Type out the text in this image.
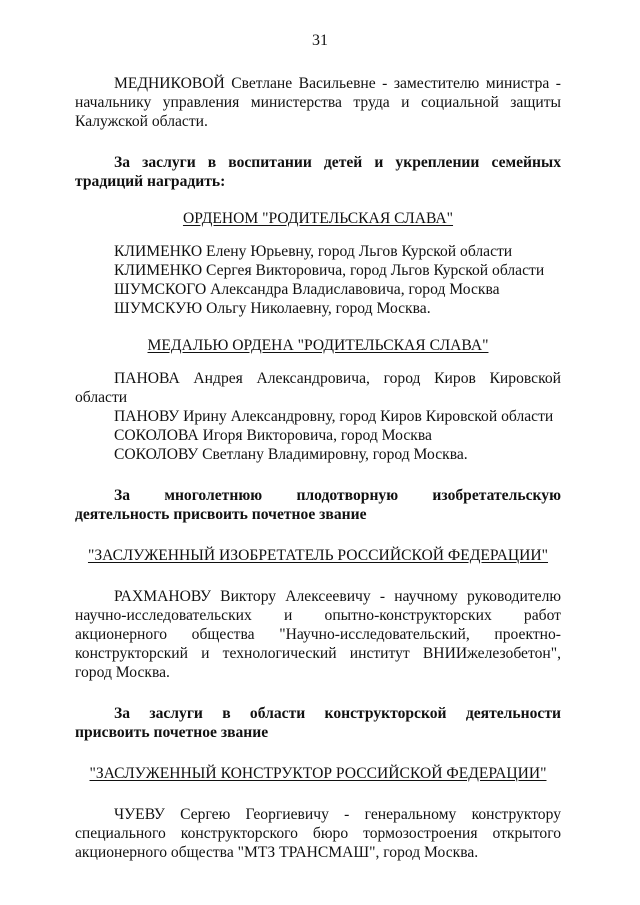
31

МЕДНИКОВОЙ Светлане Васильевне - заместителю министра - начальнику управления министерства труда и социальной защиты Калужской области.

За заслуги в воспитании детей и укреплении семейных

традиций наградить:

ОРДЕНОМ "РОДИТЕЛЬСКАЯ СЛАВА"

КЛИМЕНКО Елену Юрьевну, город Льгов Курской области
КЛИМЕНКО Сергея Викторовича, город Льгов Курской области
ШУМСКОГО Александра Владиславовича, город Москва
ШУМСКУЮ Ольгу Николаевну, город Москва.

МЕДАЛЬЮ ОРДЕНА "РОДИТЕЛЬСКАЯ СЛАВА"

ПАНОВА Андрея Александровича, город Киров Кировской области
ПАНОВУ Ирину Александровну, город Киров Кировской области
СОКОЛОВА Игоря Викторовича, город Москва
СОКОЛОВУ Светлану Владимировну, город Москва.

За многолетнюю плодотворную изобретательскую

деятельность присвоить почетное звание

"ЗАСЛУЖЕННЫЙ ИЗОБРЕТАТЕЛЬ РОССИЙСКОЙ ФЕДЕРАЦИИ"

РАХМАНОВУ Виктору Алексеевичу - научному руководителю научно-исследовательских и опытно-конструкторских работ акционерного общества "Научно-исследовательский, проектно-конструкторский и технологический институт ВНИИжелезобетон", город Москва.

За заслуги в области конструкторской деятельности

присвоить почетное звание

"ЗАСЛУЖЕННЫЙ КОНСТРУКТОР РОССИЙСКОЙ ФЕДЕРАЦИИ"

ЧУЕВУ Сергею Георгиевичу - генеральному конструктору специального конструкторского бюро тормозостроения открытого акционерного общества "МТЗ ТРАНСМАШ", город Москва.
